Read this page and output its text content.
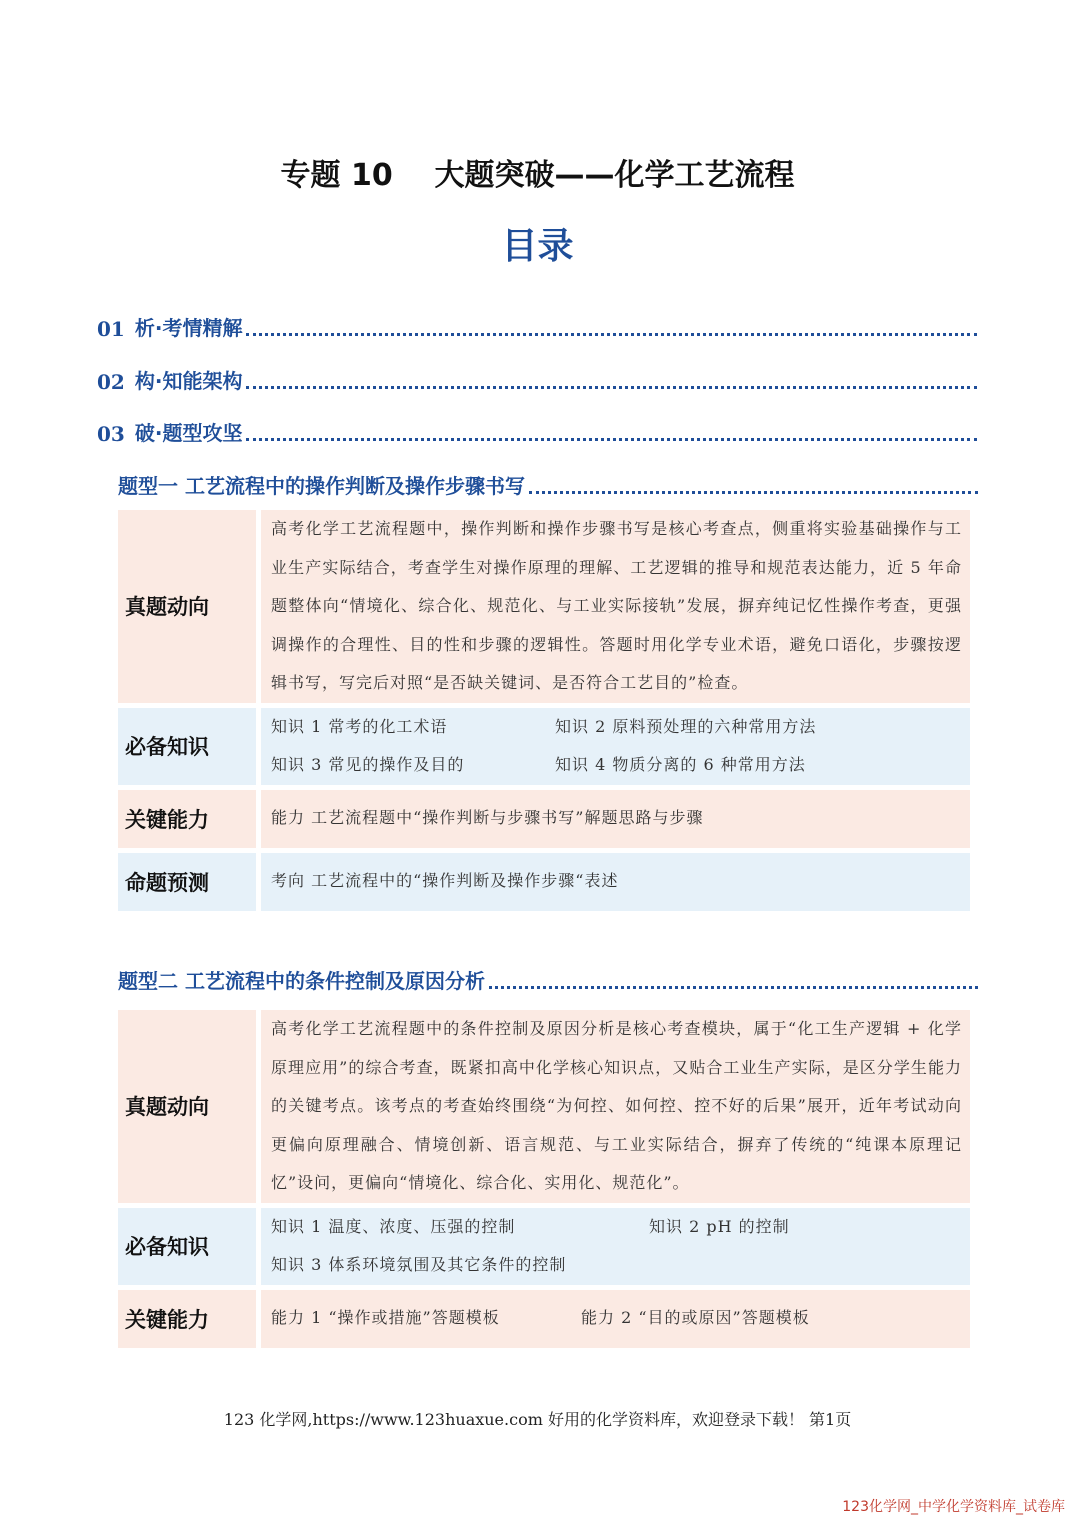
专题 10    大题突破——化学工艺流程
目录
01 析·考情精解
02 构·知能架构
03 破·题型攻坚
题型一 工艺流程中的操作判断及操作步骤书写
真题动向	高考化学工艺流程题中，操作判断和操作步骤书写是核心考查点，侧重将实验基础操作与工业生产实际结合，考查学生对操作原理的理解、工艺逻辑的推导和规范表达能力，近 5 年命题整体向“情境化、综合化、规范化、与工业实际接轨”发展，摒弃纯记忆性操作考查，更强调操作的合理性、目的性和步骤的逻辑性。答题时用化学专业术语，避免口语化，步骤按逻辑书写，写完后对照“是否缺关键词、是否符合工艺目的”检查。
必备知识	知识 1 常考的化工术语 知识 2 原料预处理的六种常用方法
知识 3 常见的操作及目的 知识 4 物质分离的 6 种常用方法

关键能力	能力 工艺流程题中“操作判断与步骤书写”解题思路与步骤
命题预测	考向 工艺流程中的“操作判断及操作步骤“表述
题型二 工艺流程中的条件控制及原因分析
真题动向	高考化学工艺流程题中的条件控制及原因分析是核心考查模块，属于“化工生产逻辑 + 化学原理应用”的综合考查，既紧扣高中化学核心知识点，又贴合工业生产实际，是区分学生能力的关键考点。该考点的考查始终围绕“为何控、如何控、控不好的后果”展开，近年考试动向更偏向原理融合、情境创新、语言规范、与工业实际结合，摒弃了传统的“纯课本原理记忆”设问，更偏向“情境化、综合化、实用化、规范化”。
必备知识	知识 1 温度、浓度、压强的控制 知识 2 pH 的控制
知识 3 体系环境氛围及其它条件的控制

关键能力	能力 1 “操作或措施”答题模板 能力 2 “目的或原因”答题模板
123 化学网,https://www.123huaxue.com 好用的化学资料库，欢迎登录下载！ 第1页
123化学网_中学化学资料库_试卷库
